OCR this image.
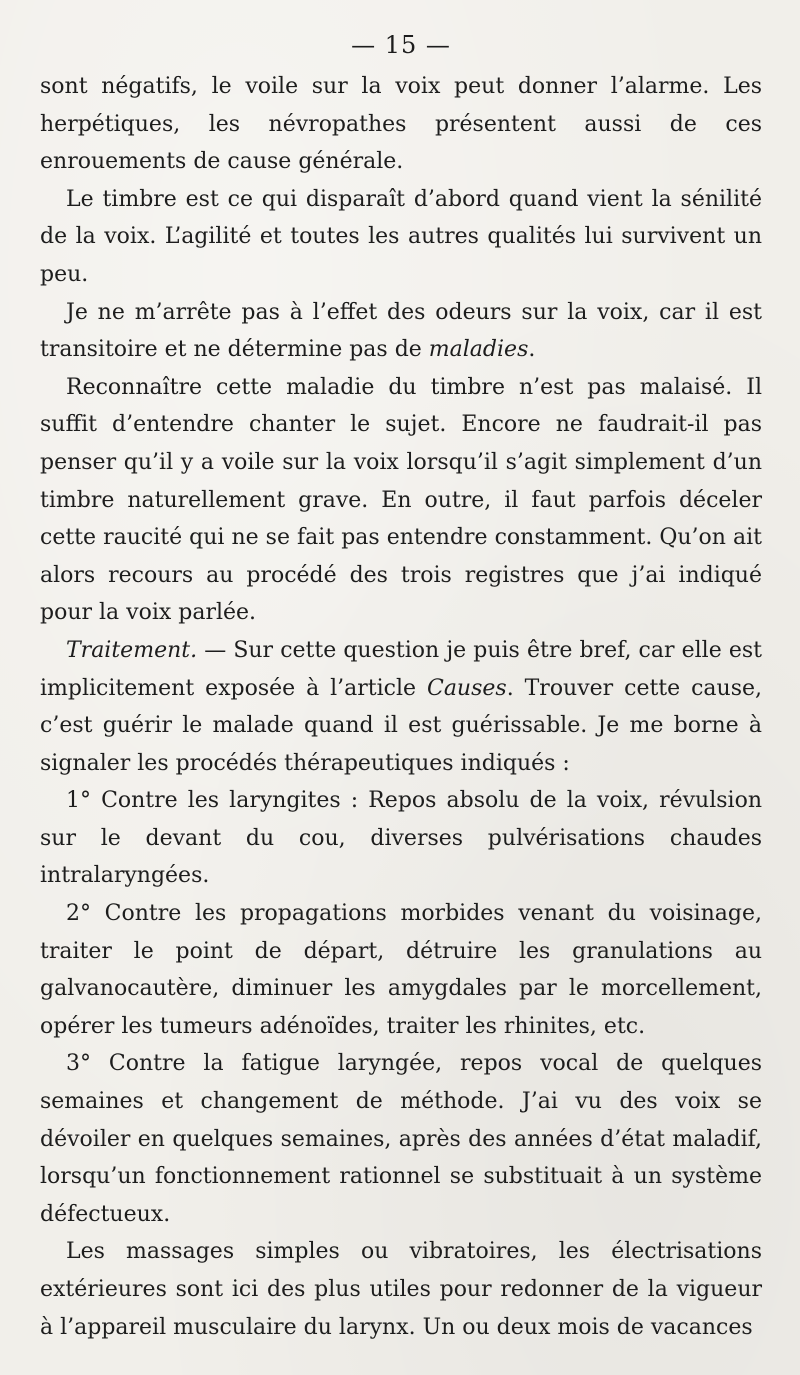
— 15 —

sont négatifs, le voile sur la voix peut donner l’alarme. Les herpétiques, les névropathes présentent aussi de ces enrouements de cause générale.

Le timbre est ce qui disparaît d’abord quand vient la sénilité de la voix. L’agilité et toutes les autres qualités lui survivent un peu.

Je ne m’arrête pas à l’effet des odeurs sur la voix, car il est transitoire et ne détermine pas de maladies.

Reconnaître cette maladie du timbre n’est pas malaisé. Il suffit d’entendre chanter le sujet. Encore ne faudrait-il pas penser qu’il y a voile sur la voix lorsqu’il s’agit simplement d’un timbre naturellement grave. En outre, il faut parfois déceler cette raucité qui ne se fait pas entendre constamment. Qu’on ait alors recours au procédé des trois registres que j’ai indiqué pour la voix parlée.

Traitement. — Sur cette question je puis être bref, car elle est implicitement exposée à l’article Causes. Trouver cette cause, c’est guérir le malade quand il est guérissable. Je me borne à signaler les procédés thérapeutiques indiqués :

1° Contre les laryngites : Repos absolu de la voix, révulsion sur le devant du cou, diverses pulvérisations chaudes intralaryngées.

2° Contre les propagations morbides venant du voisinage, traiter le point de départ, détruire les granulations au galvanocautère, diminuer les amygdales par le morcellement, opérer les tumeurs adénoïdes, traiter les rhinites, etc.

3° Contre la fatigue laryngée, repos vocal de quelques semaines et changement de méthode. J’ai vu des voix se dévoiler en quelques semaines, après des années d’état maladif, lorsqu’un fonctionnement rationnel se substituait à un système défectueux.

Les massages simples ou vibratoires, les électrisations extérieures sont ici des plus utiles pour redonner de la vigueur à l’appareil musculaire du larynx. Un ou deux mois de vacances
